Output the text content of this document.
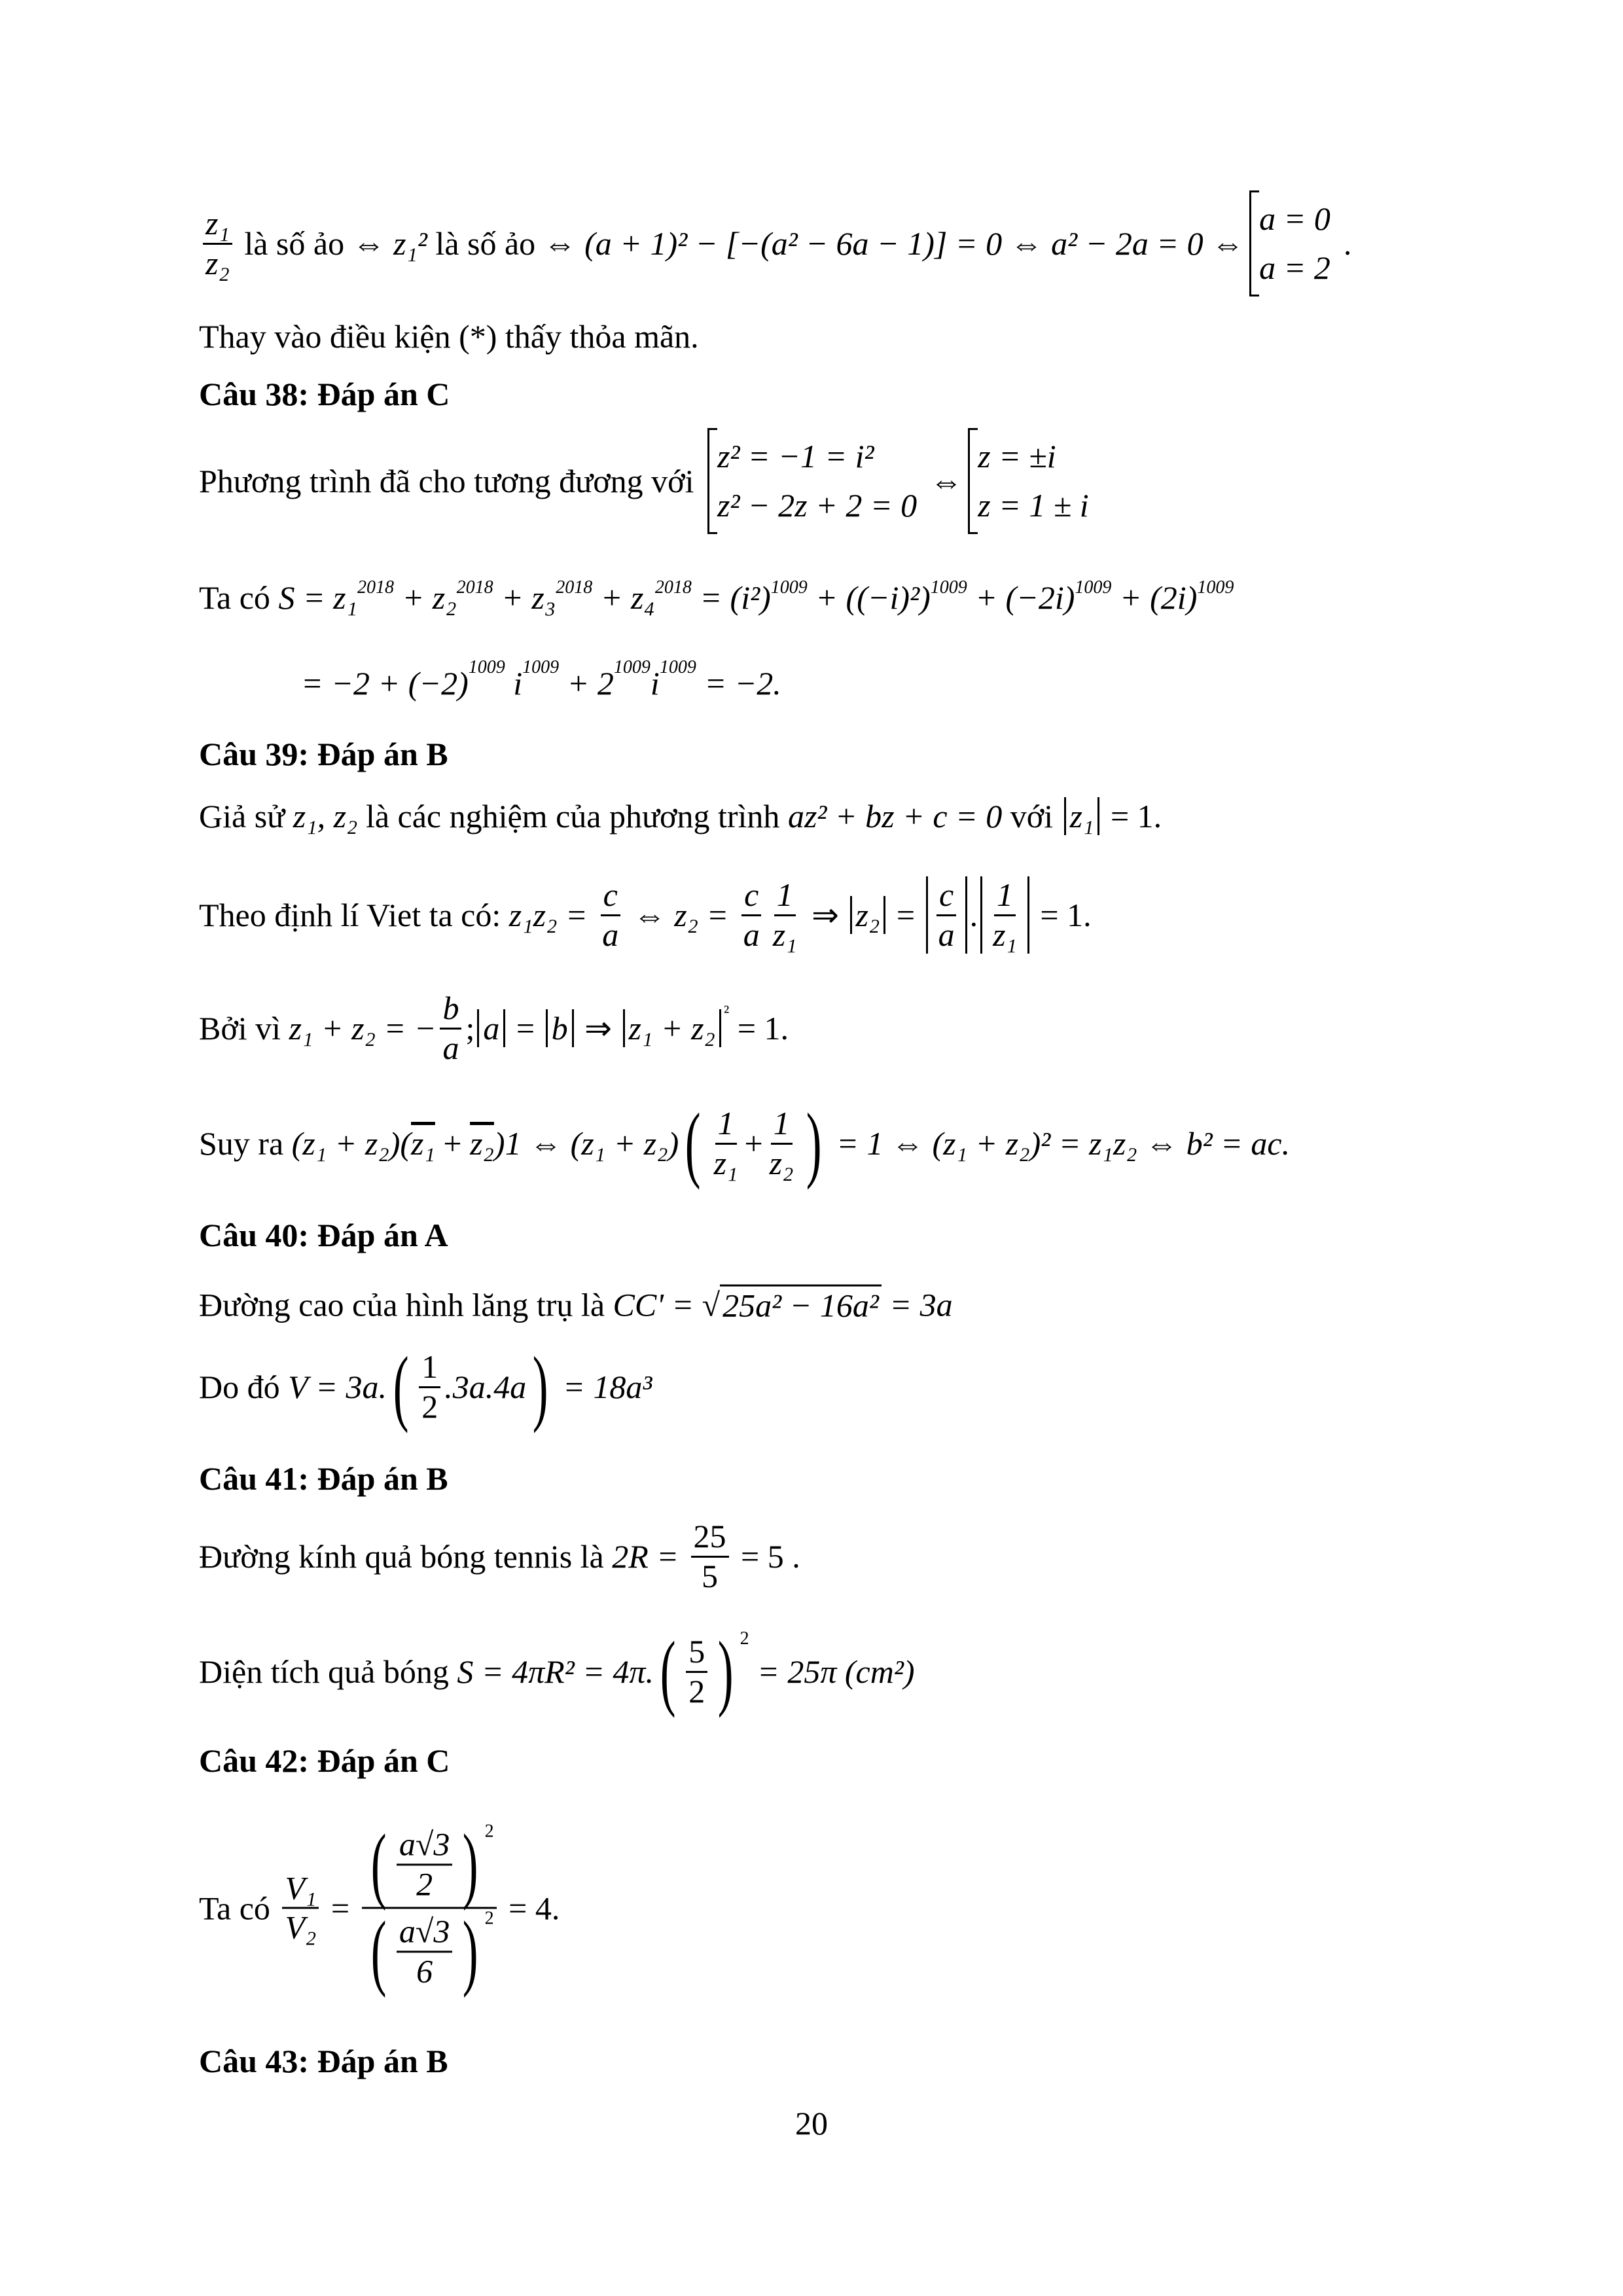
$\frac{\text{z₁}}{\text{z₂}}$ là số ảo ⇔ z₁² là số ảo ⇔ (a + 1)² − [−(a² − 6a − 1)] = 0 ⇔ a² − 2a = 0 ⇔
a = 0
a = 2
.
Thay vào điều kiện (*) thấy thỏa mãn.
Câu 38: Đáp án C
Phương trình đã cho tương đương với
z² = −1 = i²
z² − 2z + 2 = 0
⇔
z = ±i
z = 1 ± i
Ta có $S = z_1^{2018} + z_2^{2018} + z_3^{2018} + z_4^{2018} = (i^2)^{1009} + ((-i)^2)^{1009} + (-2i)^{1009} + (2i)^{1009}$
= $-2 + (-2)^{1009}$ $i^{1009} + 2^{1009}$ $i^{1009} = -2$.
Câu 39: Đáp án B
Giả sử z₁, z₂ là các nghiệm của phương trình az² + bz + c = 0 với z₁ = 1.
Theo định lí Viet ta có: $z_1z_2 = \frac{c}{a}$ ⇔ $z_2 = \frac{c}{a} \frac{1}{\text{z₁}}$ ⇒ $z_2 = \frac{c}{a}$ . $\frac{1}{\text{z₁}} = 1$.
Bởi vì z₁ + z₂ = − $\frac{b}{a}$ ; a = b ⇒ z₁ + z₂ $^{^2}$ = 1.
Suy ra (z₁ + z₂)( z₁ + z₂ )1 ⇔ (z₁ + z₂) ( $\frac{1}{\text{z₁}} + \frac{1}{\text{z₂}}$ ) = 1 ⇔ (z₁ + z₂)² = z₁z₂ ⇔ b² = ac.
Câu 40: Đáp án A
Đường cao của hình lăng trụ là CC' = √ 25a² − 16a² = 3a
Do đó V = 3a. ( $\frac{1}{2} .3a.4a$ ) = 18a³
Câu 41: Đáp án B
Đường kính quả bóng tennis là $2R = \frac{25}{5} = 5$ .
Diện tích quả bóng S = 4πR² = 4π. ( $\frac{5}{2}$ ) $^2$
= 25π (cm²)
Câu 42: Đáp án C
Ta có $\frac{\text{V₁}}{\text{V₂}} = \frac{( \frac{a√3}{2} ) ^2}{( \frac{a√3}{6} ) ^2} = 4$.
Câu 43: Đáp án B
20
